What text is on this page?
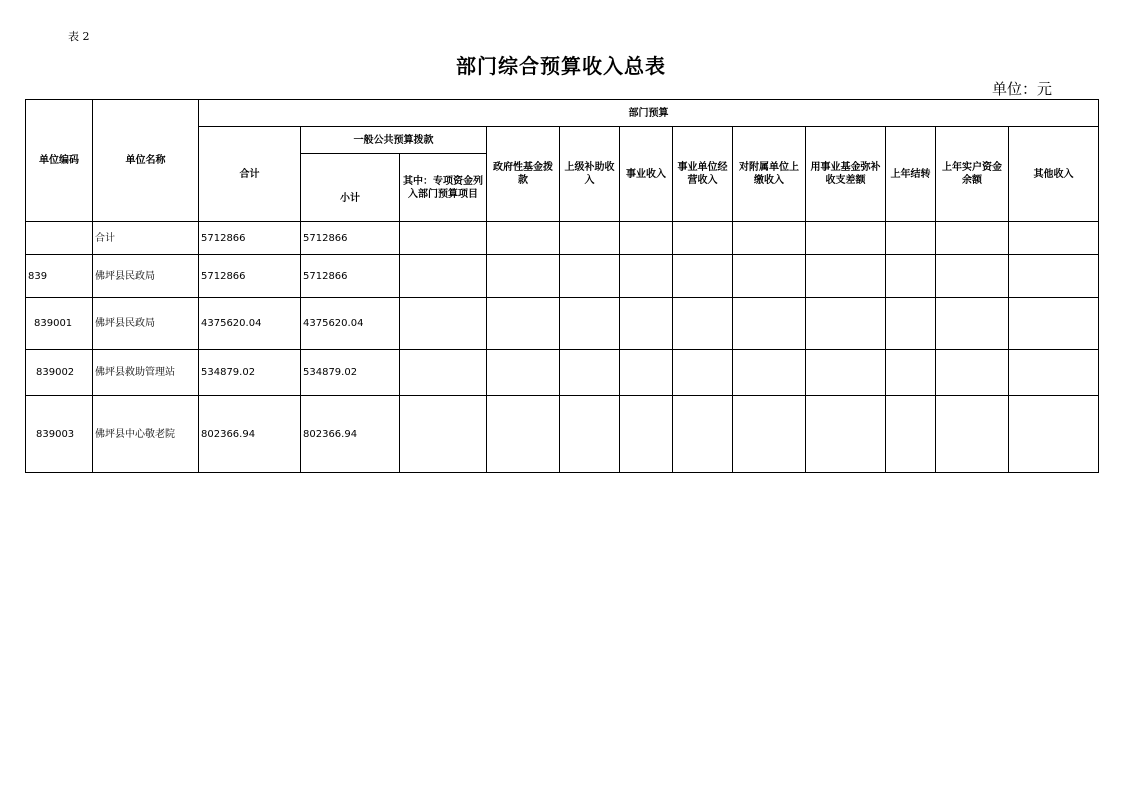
表 2
部门综合预算收入总表
单位：元
单位编码	单位名称	部门预算											
		合计	一般公共预算拨款		政府性基金拨款	上级补助收入	事业收入	事业单位经营收入	对附属单位上缴收入	用事业基金弥补收支差额	上年结转	上年实户资金余额	其他收入
			小计	其中：专项资金列入部门预算项目									
	合计	5712866	5712866										
839	佛坪县民政局	5712866	5712866										
839001	佛坪县民政局	4375620.04	4375620.04										
839002	佛坪县救助管理站	534879.02	534879.02										
839003	佛坪县中心敬老院	802366.94	802366.94										
